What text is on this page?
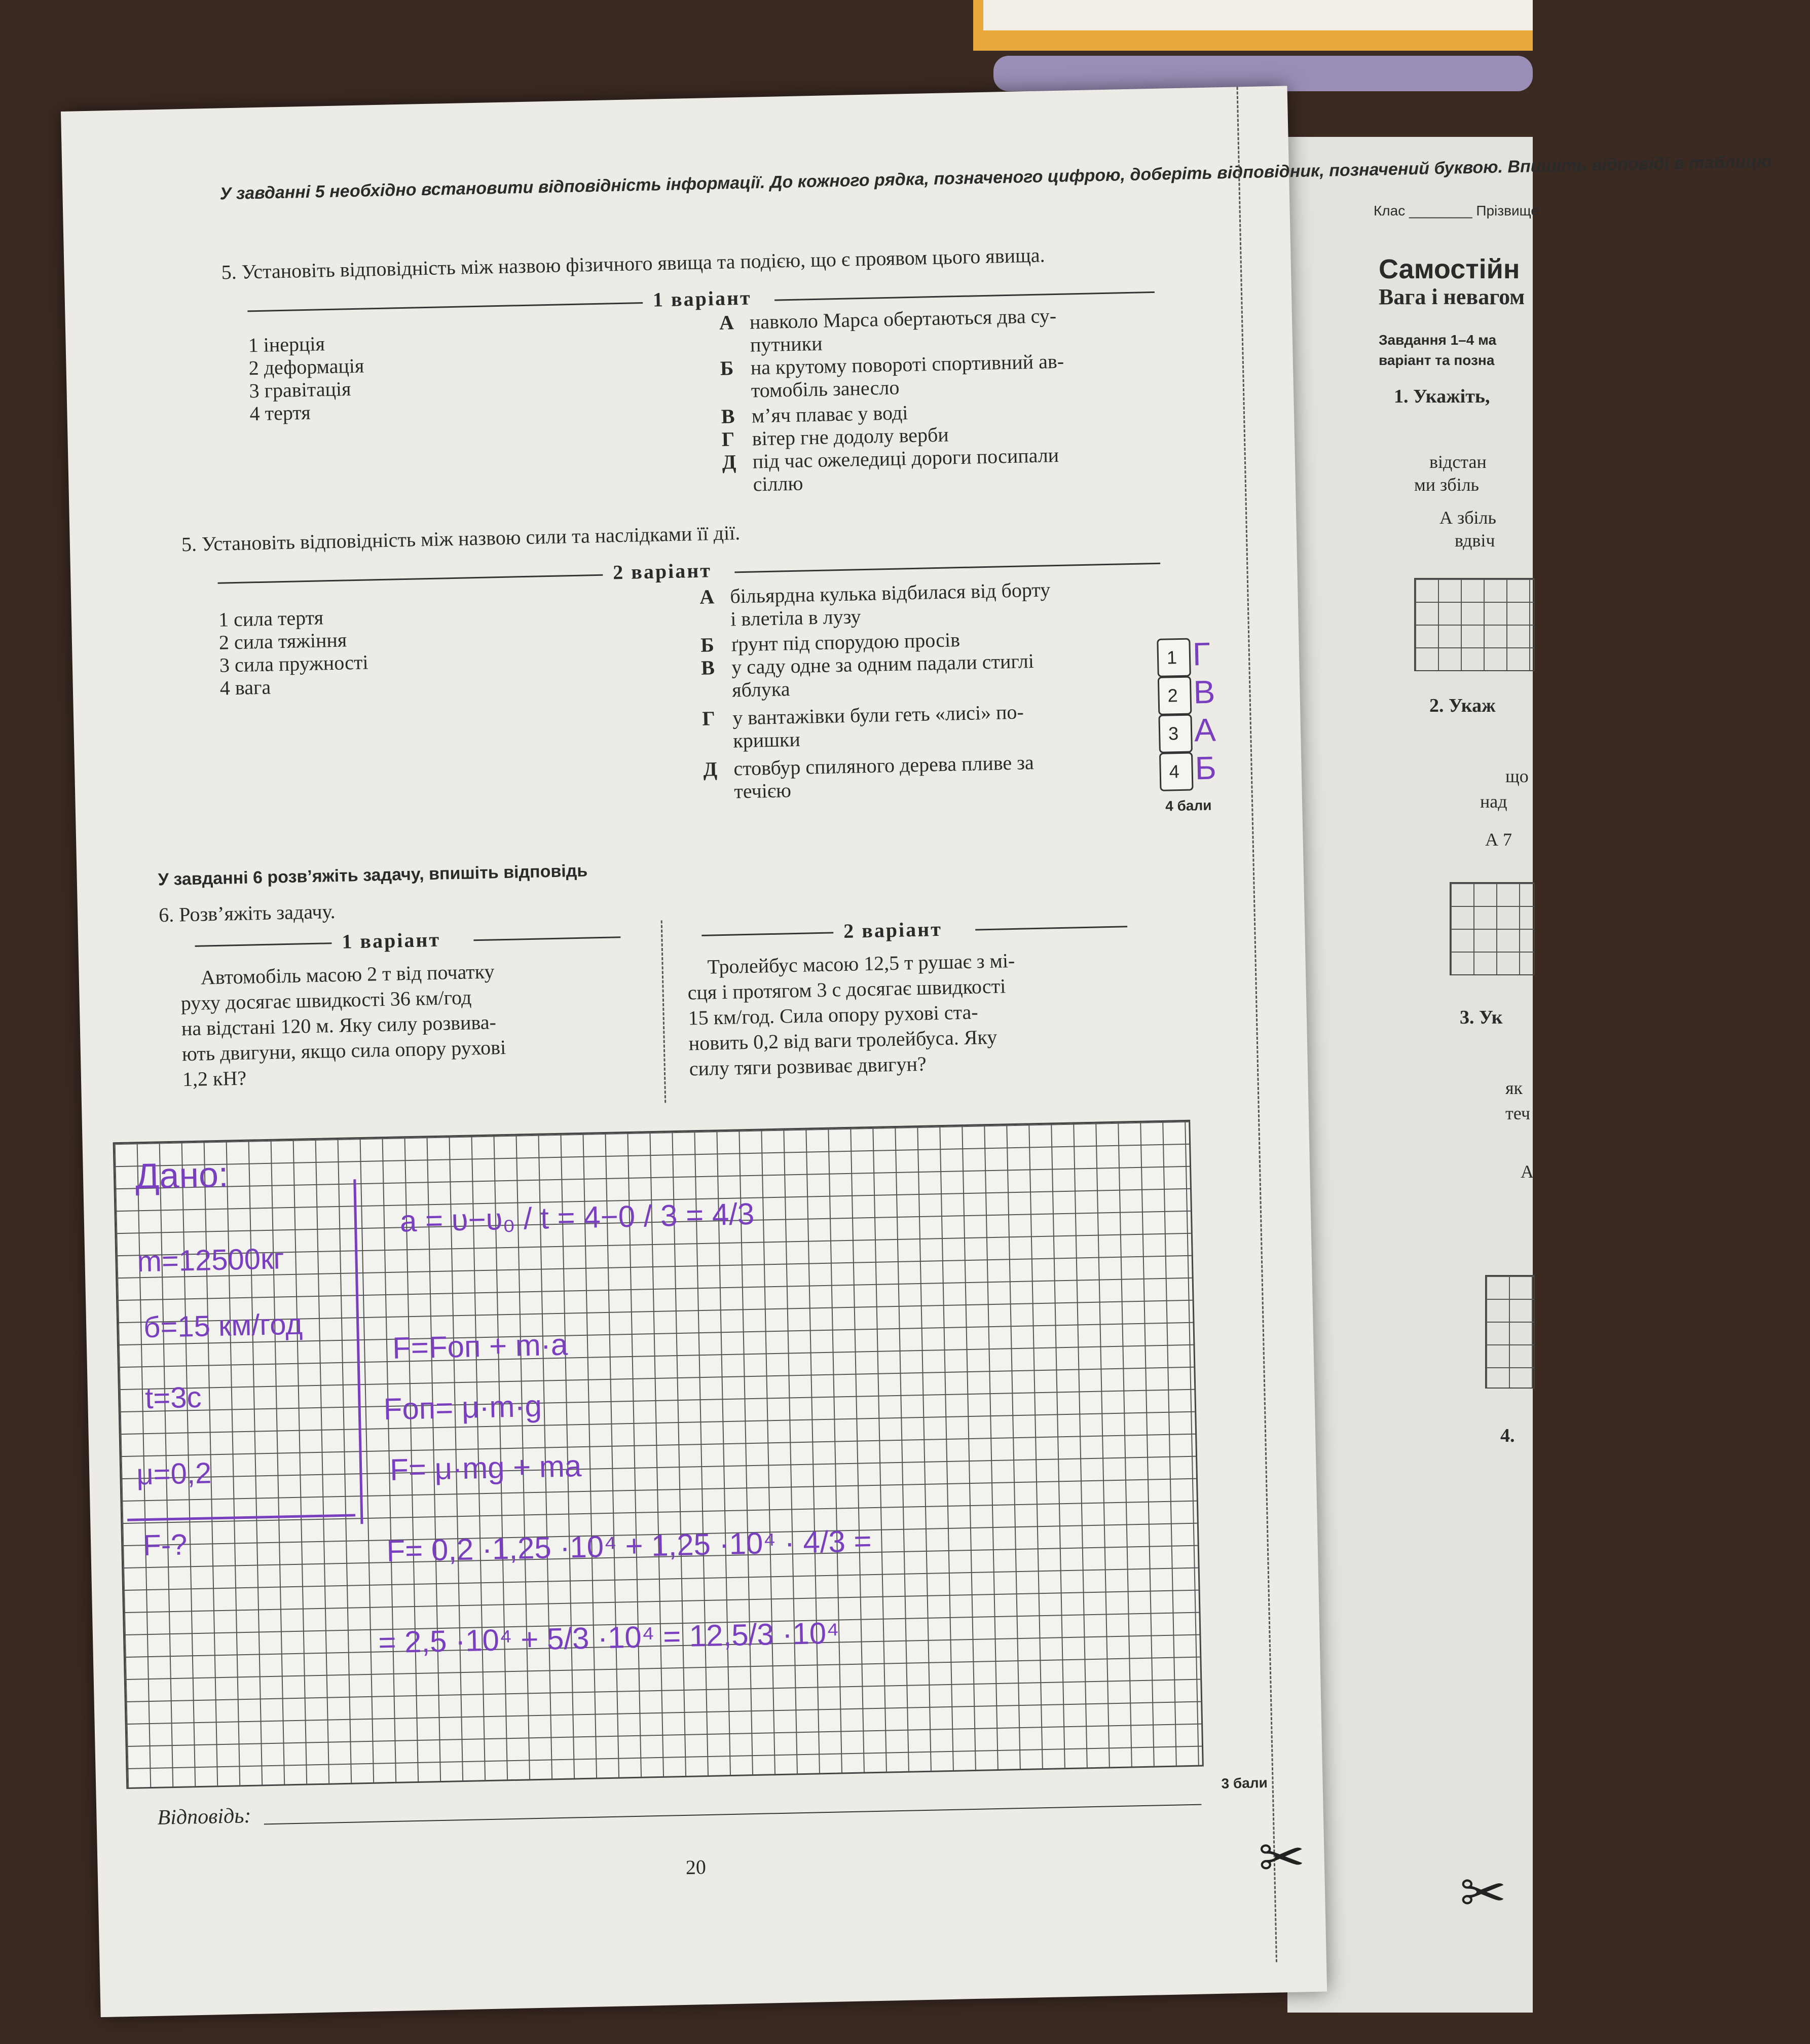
Клас ________ Прізвище
Самостійн
Вага і невагом
Завдання 1–4 ма
варіант та позна
1. Укажіть,
відстан
ми збіль
А збіль
вдвіч
2. Укаж
що
над
А 7
3. Ук
як
теч
А
4.
✂
У завданні 5 необхідно встановити відповідність інформації. До кожного рядка, позначеного цифрою, доберіть відповідник, позначений буквою. Впишіть відповіді в таблицю
5. Установіть відповідність між назвою фізичного явища та подією, що є проявом цього явища.
1 варіант
1 інерція
2 деформація
3 гравітація
4 тертя
А навколо Марса обертаються два су-
путники
Б на крутому повороті спортивний ав-
томобіль занесло
В м’яч плаває у воді
Г вітер гне додолу верби
Д під час ожеледиці дороги посипали
сіллю
5. Установіть відповідність між назвою сили та наслідками її дії.
2 варіант
1 сила тертя
2 сила тяжіння
3 сила пружності
4 вага
А більярдна кулька відбилася від борту
і влетіла в лузу
Б ґрунт під спорудою просів
В у саду одне за одним падали стиглі
яблука
Г у вантажівки були геть «лисі» по-
кришки
Д стовбур спиляного дерева пливе за
течією
1 Г
2 В
3 А
4 Б
4 бали
У завданні 6 розв’яжіть задачу, впишіть відповідь
6. Розв’яжіть задачу.
1 варіант	2 варіант
Автомобіль масою 2 т від початку
руху досягає швидкості 36 км/год
на відстані 120 м. Яку силу розвива-
ють двигуни, якщо сила опору рухові
1,2 кН?
Тролейбус масою 12,5 т рушає з мі-
сця і протягом 3 с досягає швидкості
15 км/год. Сила опору рухові ста-
новить 0,2 від ваги тролейбуса. Яку
силу тяги розвиває двигун?
Дано:
m=12500кг
б=15 км/год
t=3с
μ=0,2
F-?
a = υ−υ₀ / t = 4−0 / 3 = 4/3
F=Fоп + m·a
Fоп= μ·m·g
F= μ·mg + ma
F= 0,2 ·1,25 ·10⁴ + 1,25 ·10⁴ · 4/3 =
= 2,5 ·10⁴ + 5/3 ·10⁴ = 12,5/3 ·10⁴
Відповідь:
3 бали
20	✂
